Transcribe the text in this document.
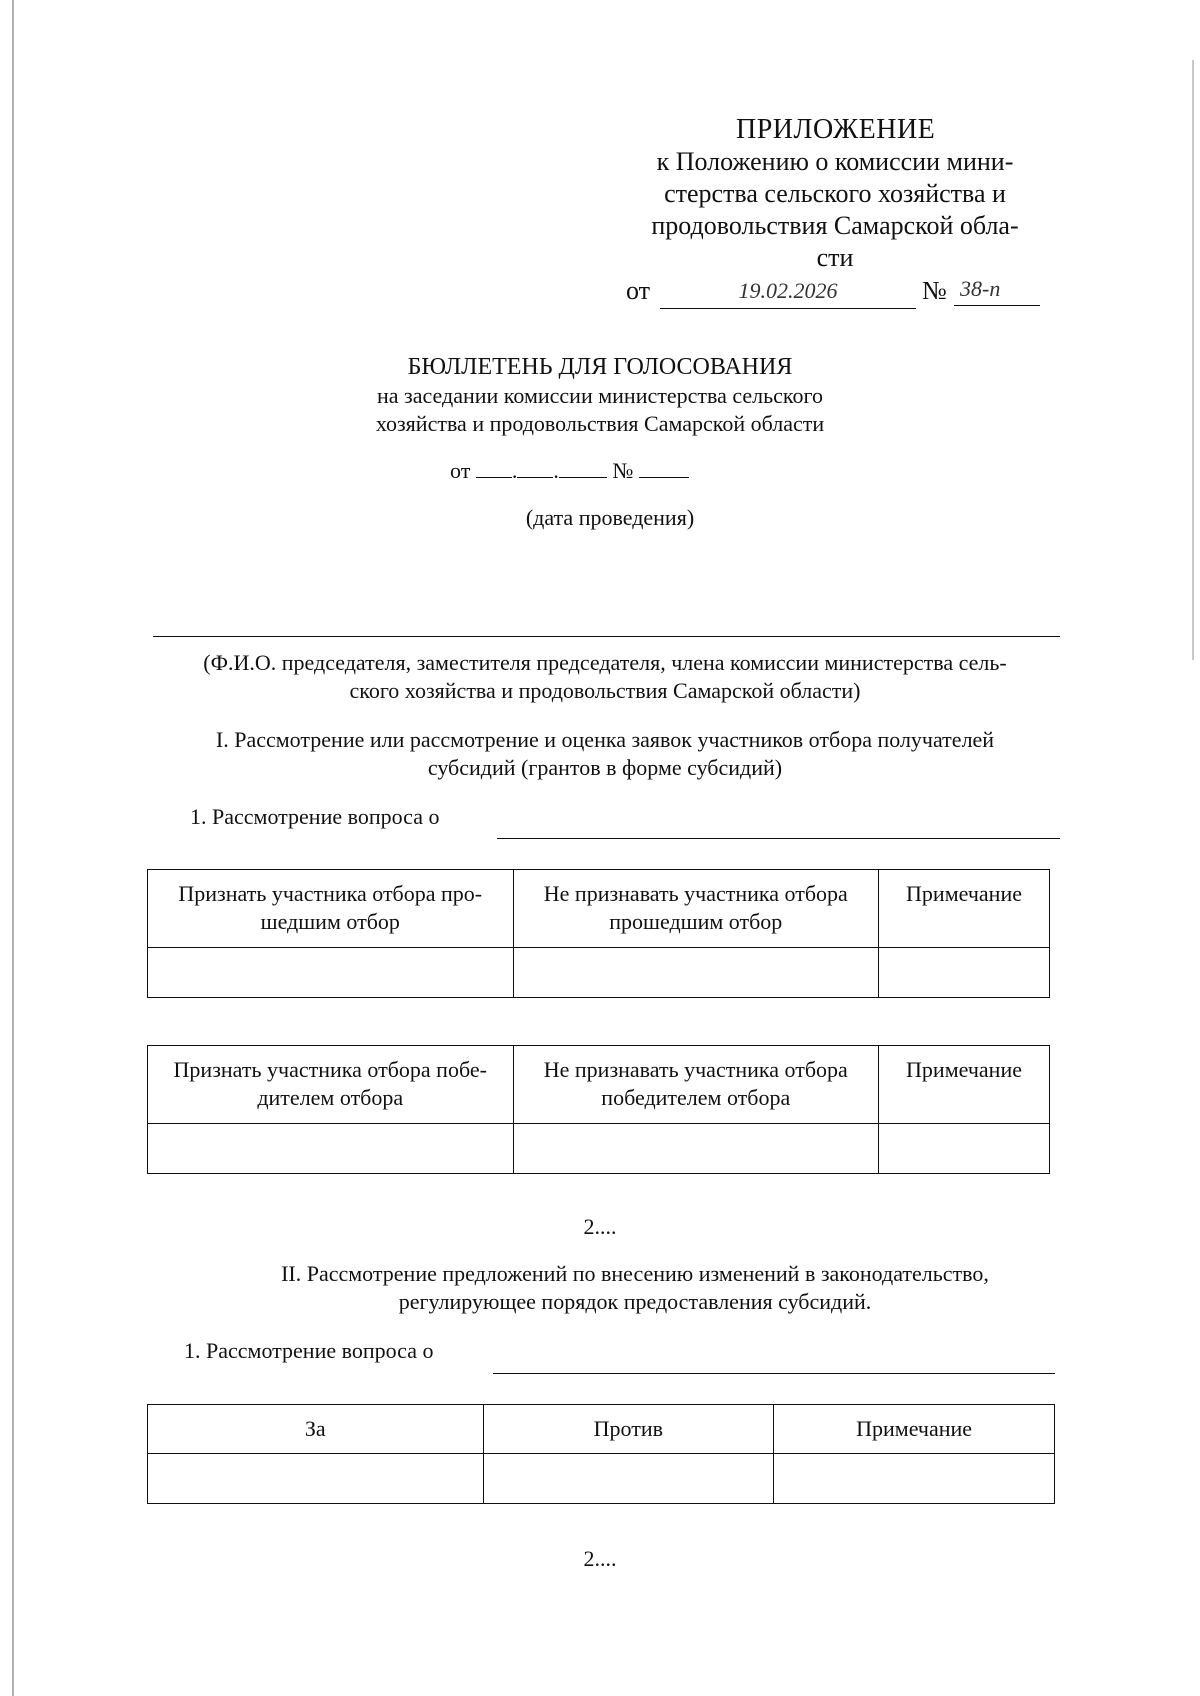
ПРИЛОЖЕНИЕ
к Положению о комиссии мини-
стерства сельского хозяйства и
продовольствия Самарской обла-
сти
от	19.02.2026	№ 38-п
БЮЛЛЕТЕНЬ ДЛЯ ГОЛОСОВАНИЯ
на заседании комиссии министерства сельского
хозяйства и продовольствия Самарской области
от . . №
(дата проведения)
(Ф.И.О. председателя, заместителя председателя, члена комиссии министерства сель-
ского хозяйства и продовольствия Самарской области)
I. Рассмотрение или рассмотрение и оценка заявок участников отбора получателей
субсидий (грантов в форме субсидий)
1. Рассмотрение вопроса о
Признать участника отбора про-шедшим отбор	Не признавать участника отбора прошедшим отбор	Примечание

Признать участника отбора побе-дителем отбора	Не признавать участника отбора победителем отбора	Примечание

2....
II. Рассмотрение предложений по внесению изменений в законодательство,
регулирующее порядок предоставления субсидий.
1. Рассмотрение вопроса о
За	Против	Примечание

2....
